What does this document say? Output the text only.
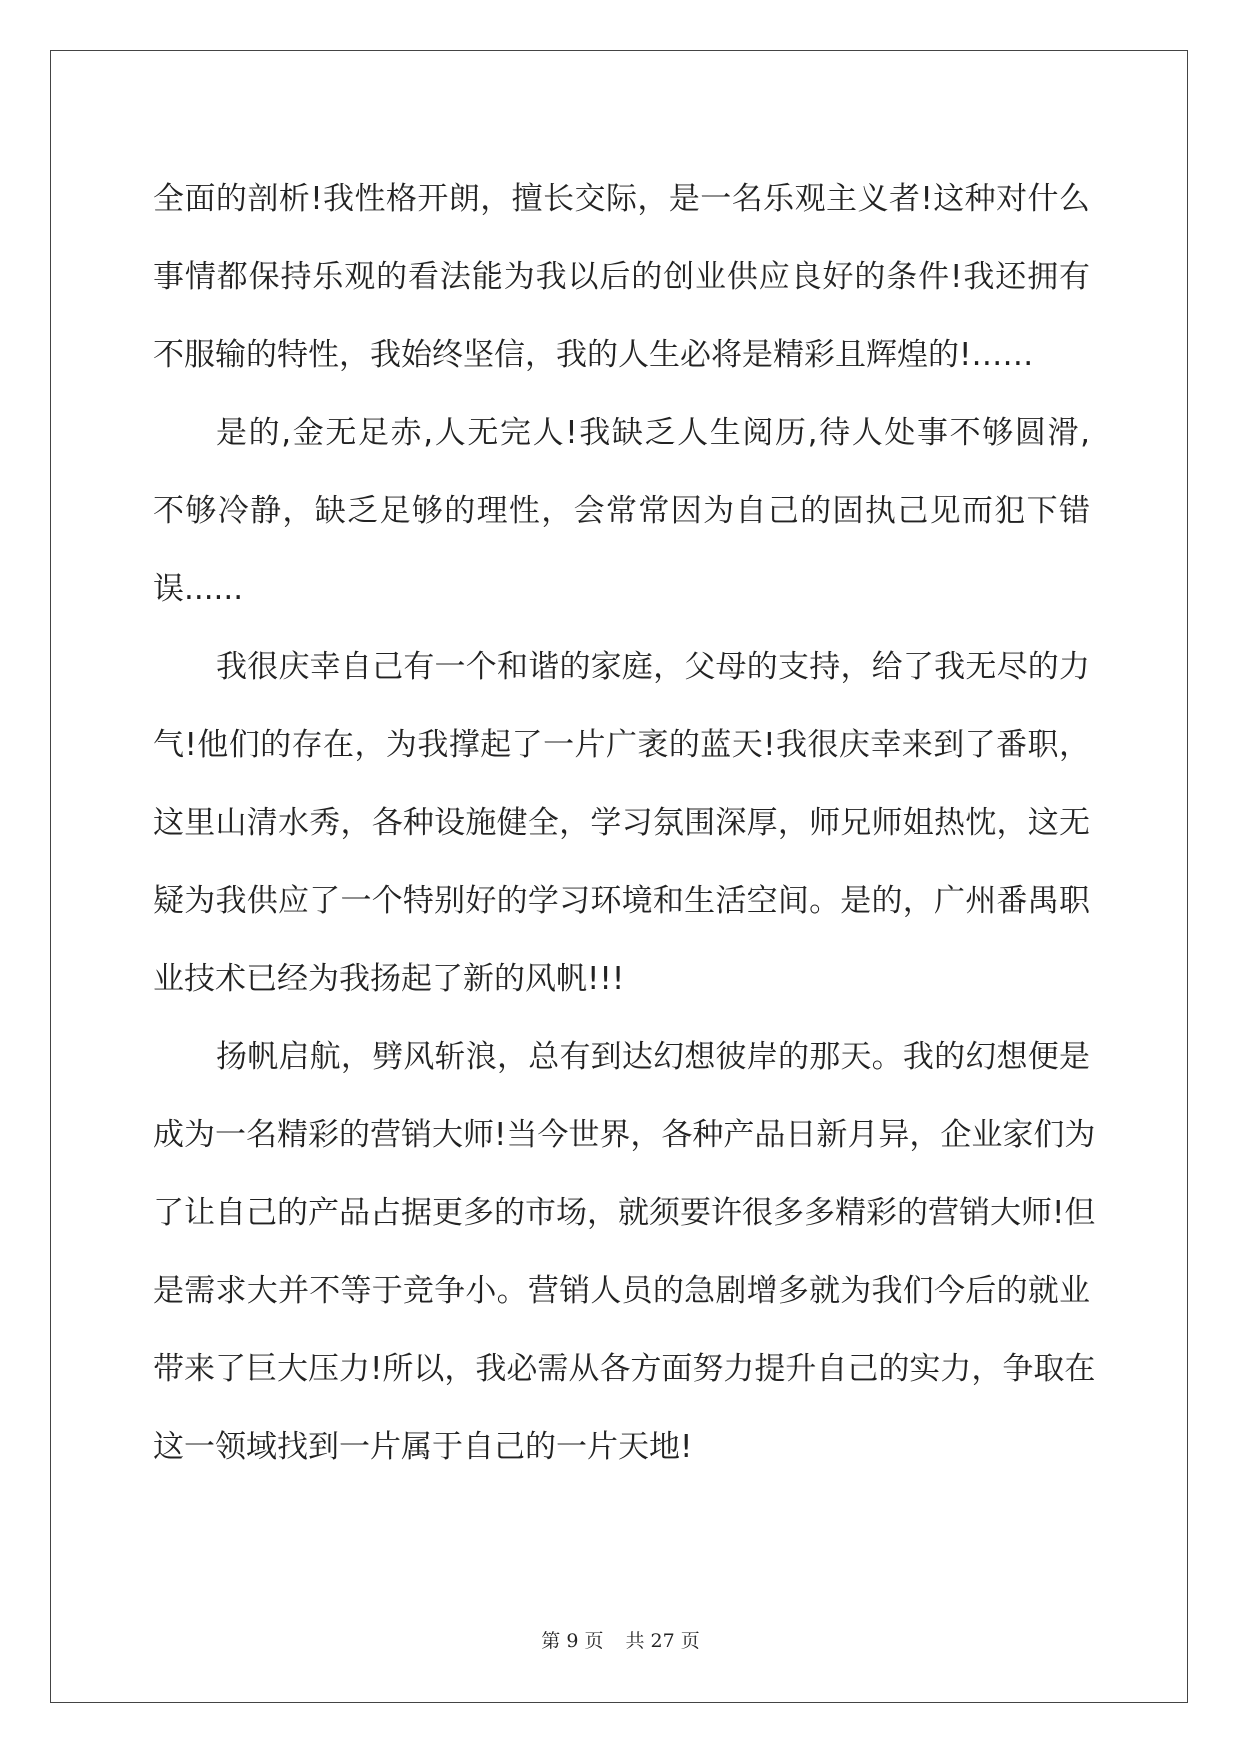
全面的剖析!我性格开朗，擅长交际，是一名乐观主义者!这种对什么
事情都保持乐观的看法能为我以后的创业供应良好的条件!我还拥有
不服输的特性，我始终坚信，我的人生必将是精彩且辉煌的!……
是的,金无足赤,人无完人!我缺乏人生阅历,待人处事不够圆滑,
不够冷静，缺乏足够的理性，会常常因为自己的固执己见而犯下错
误......
我很庆幸自己有一个和谐的家庭，父母的支持，给了我无尽的力
气!他们的存在，为我撑起了一片广袤的蓝天!我很庆幸来到了番职，
这里山清水秀，各种设施健全，学习氛围深厚，师兄师姐热忱，这无
疑为我供应了一个特别好的学习环境和生活空间。是的，广州番禺职
业技术已经为我扬起了新的风帆!!!
扬帆启航，劈风斩浪，总有到达幻想彼岸的那天。我的幻想便是
成为一名精彩的营销大师!当今世界，各种产品日新月异，企业家们为
了让自己的产品占据更多的市场，就须要许很多多精彩的营销大师!但
是需求大并不等于竞争小。营销人员的急剧增多就为我们今后的就业
带来了巨大压力!所以，我必需从各方面努力提升自己的实力，争取在
这一领域找到一片属于自己的一片天地!
第 9 页 共 27 页
